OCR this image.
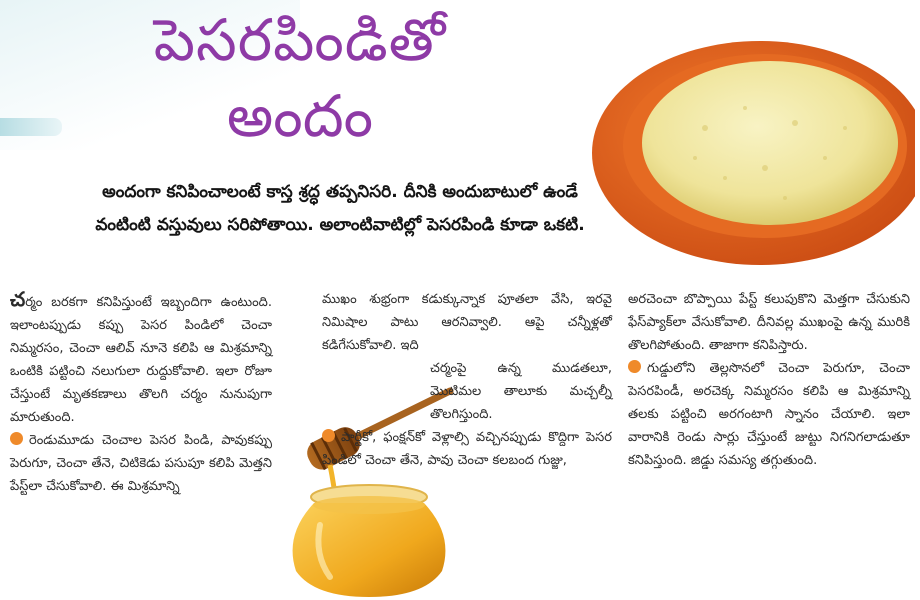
పెసరపిండితో
అందం

అందంగా కనిపించాలంటే కాస్త శ్రద్ధ తప్పనిసరి. దీనికి అందుబాటులో ఉండే వంటింటి వస్తువులు సరిపోతాయి. అలాంటివాటిల్లో పెసరపిండి కూడా ఒకటి.

చర్మం బరకగా కనిపిస్తుంటే ఇబ్బందిగా ఉంటుంది. ఇలాంటప్పుడు కప్పు పెసర పిండిలో చెంచా నిమ్మరసం, చెంచా ఆలివ్ నూనె కలిపి ఆ మిశ్రమాన్ని ఒంటికి పట్టించి నలుగులా రుద్దుకోవాలి. ఇలా రోజూ చేస్తుంటే మృతకణాలు తొలగి చర్మం నునుపుగా మారుతుంది.

రెండుమూడు చెంచాల పెసర పిండి, పావుకప్పు పెరుగూ, చెంచా తేనె, చిటికెడు పసుపూ కలిపి మెత్తని పేస్ట్‌లా చేసుకోవాలి. ఈ మిశ్రమాన్ని

ముఖం శుభ్రంగా కడుక్కున్నాక పూతలా వేసి, ఇరవై నిమిషాల పాటు ఆరనివ్వాలి. ఆపై చన్నీళ్లతో కడిగేసుకోవాలి. ఇది

చర్మంపై ఉన్న ముడతలూ, మొటిమల తాలూకు మచ్చల్నీ తొలగిస్తుంది.

పార్టీకో, ఫంక్షన్‌కో వెళ్లాల్సి వచ్చినప్పుడు కొద్దిగా పెసర పిండిలో చెంచా తేనె, పావు చెంచా కలబంద గుజ్జు,

అరచెంచా బొప్పాయి పేస్ట్ కలుపుకొని మెత్తగా చేసుకుని ఫేస్‌ప్యాక్‌లా వేసుకోవాలి. దీనివల్ల ముఖంపై ఉన్న మురికి తొలగిపోతుంది. తాజాగా కనిపిస్తారు.

గుడ్డులోని తెల్లసొనలో చెంచా పెరుగూ, చెంచా పెసరపిండీ, అరచెక్క నిమ్మరసం కలిపి ఆ మిశ్రమాన్ని తలకు పట్టించి అరగంటాగి స్నానం చేయాలి. ఇలా వారానికి రెండు సార్లు చేస్తుంటే జుట్టు నిగనిగలాడుతూ కనిపిస్తుంది. జిడ్డు సమస్య తగ్గుతుంది.
